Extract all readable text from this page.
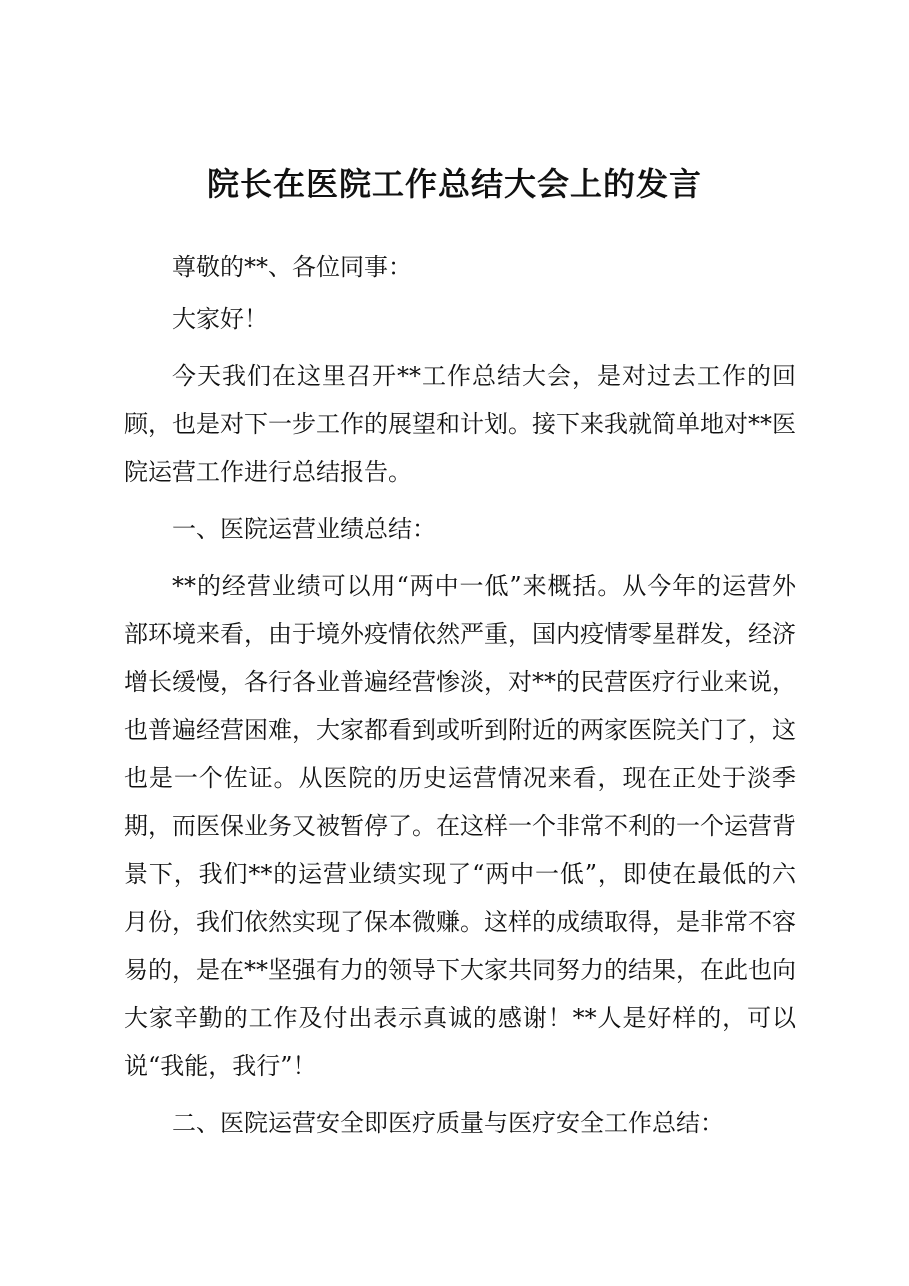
院长在医院工作总结大会上的发言

尊敬的**、各位同事：

大家好！

今天我们在这里召开**工作总结大会，是对过去工作的回顾，也是对下一步工作的展望和计划。接下来我就简单地对**医院运营工作进行总结报告。

一、医院运营业绩总结：

**的经营业绩可以用“两中一低”来概括。从今年的运营外部环境来看，由于境外疫情依然严重，国内疫情零星群发，经济增长缓慢，各行各业普遍经营惨淡，对**的民营医疗行业来说，也普遍经营困难，大家都看到或听到附近的两家医院关门了，这也是一个佐证。从医院的历史运营情况来看，现在正处于淡季期，而医保业务又被暂停了。在这样一个非常不利的一个运营背景下，我们**的运营业绩实现了“两中一低”，即使在最低的六月份，我们依然实现了保本微赚。这样的成绩取得，是非常不容易的，是在**坚强有力的领导下大家共同努力的结果，在此也向大家辛勤的工作及付出表示真诚的感谢！**人是好样的，可以说“我能，我行”！

二、医院运营安全即医疗质量与医疗安全工作总结：
